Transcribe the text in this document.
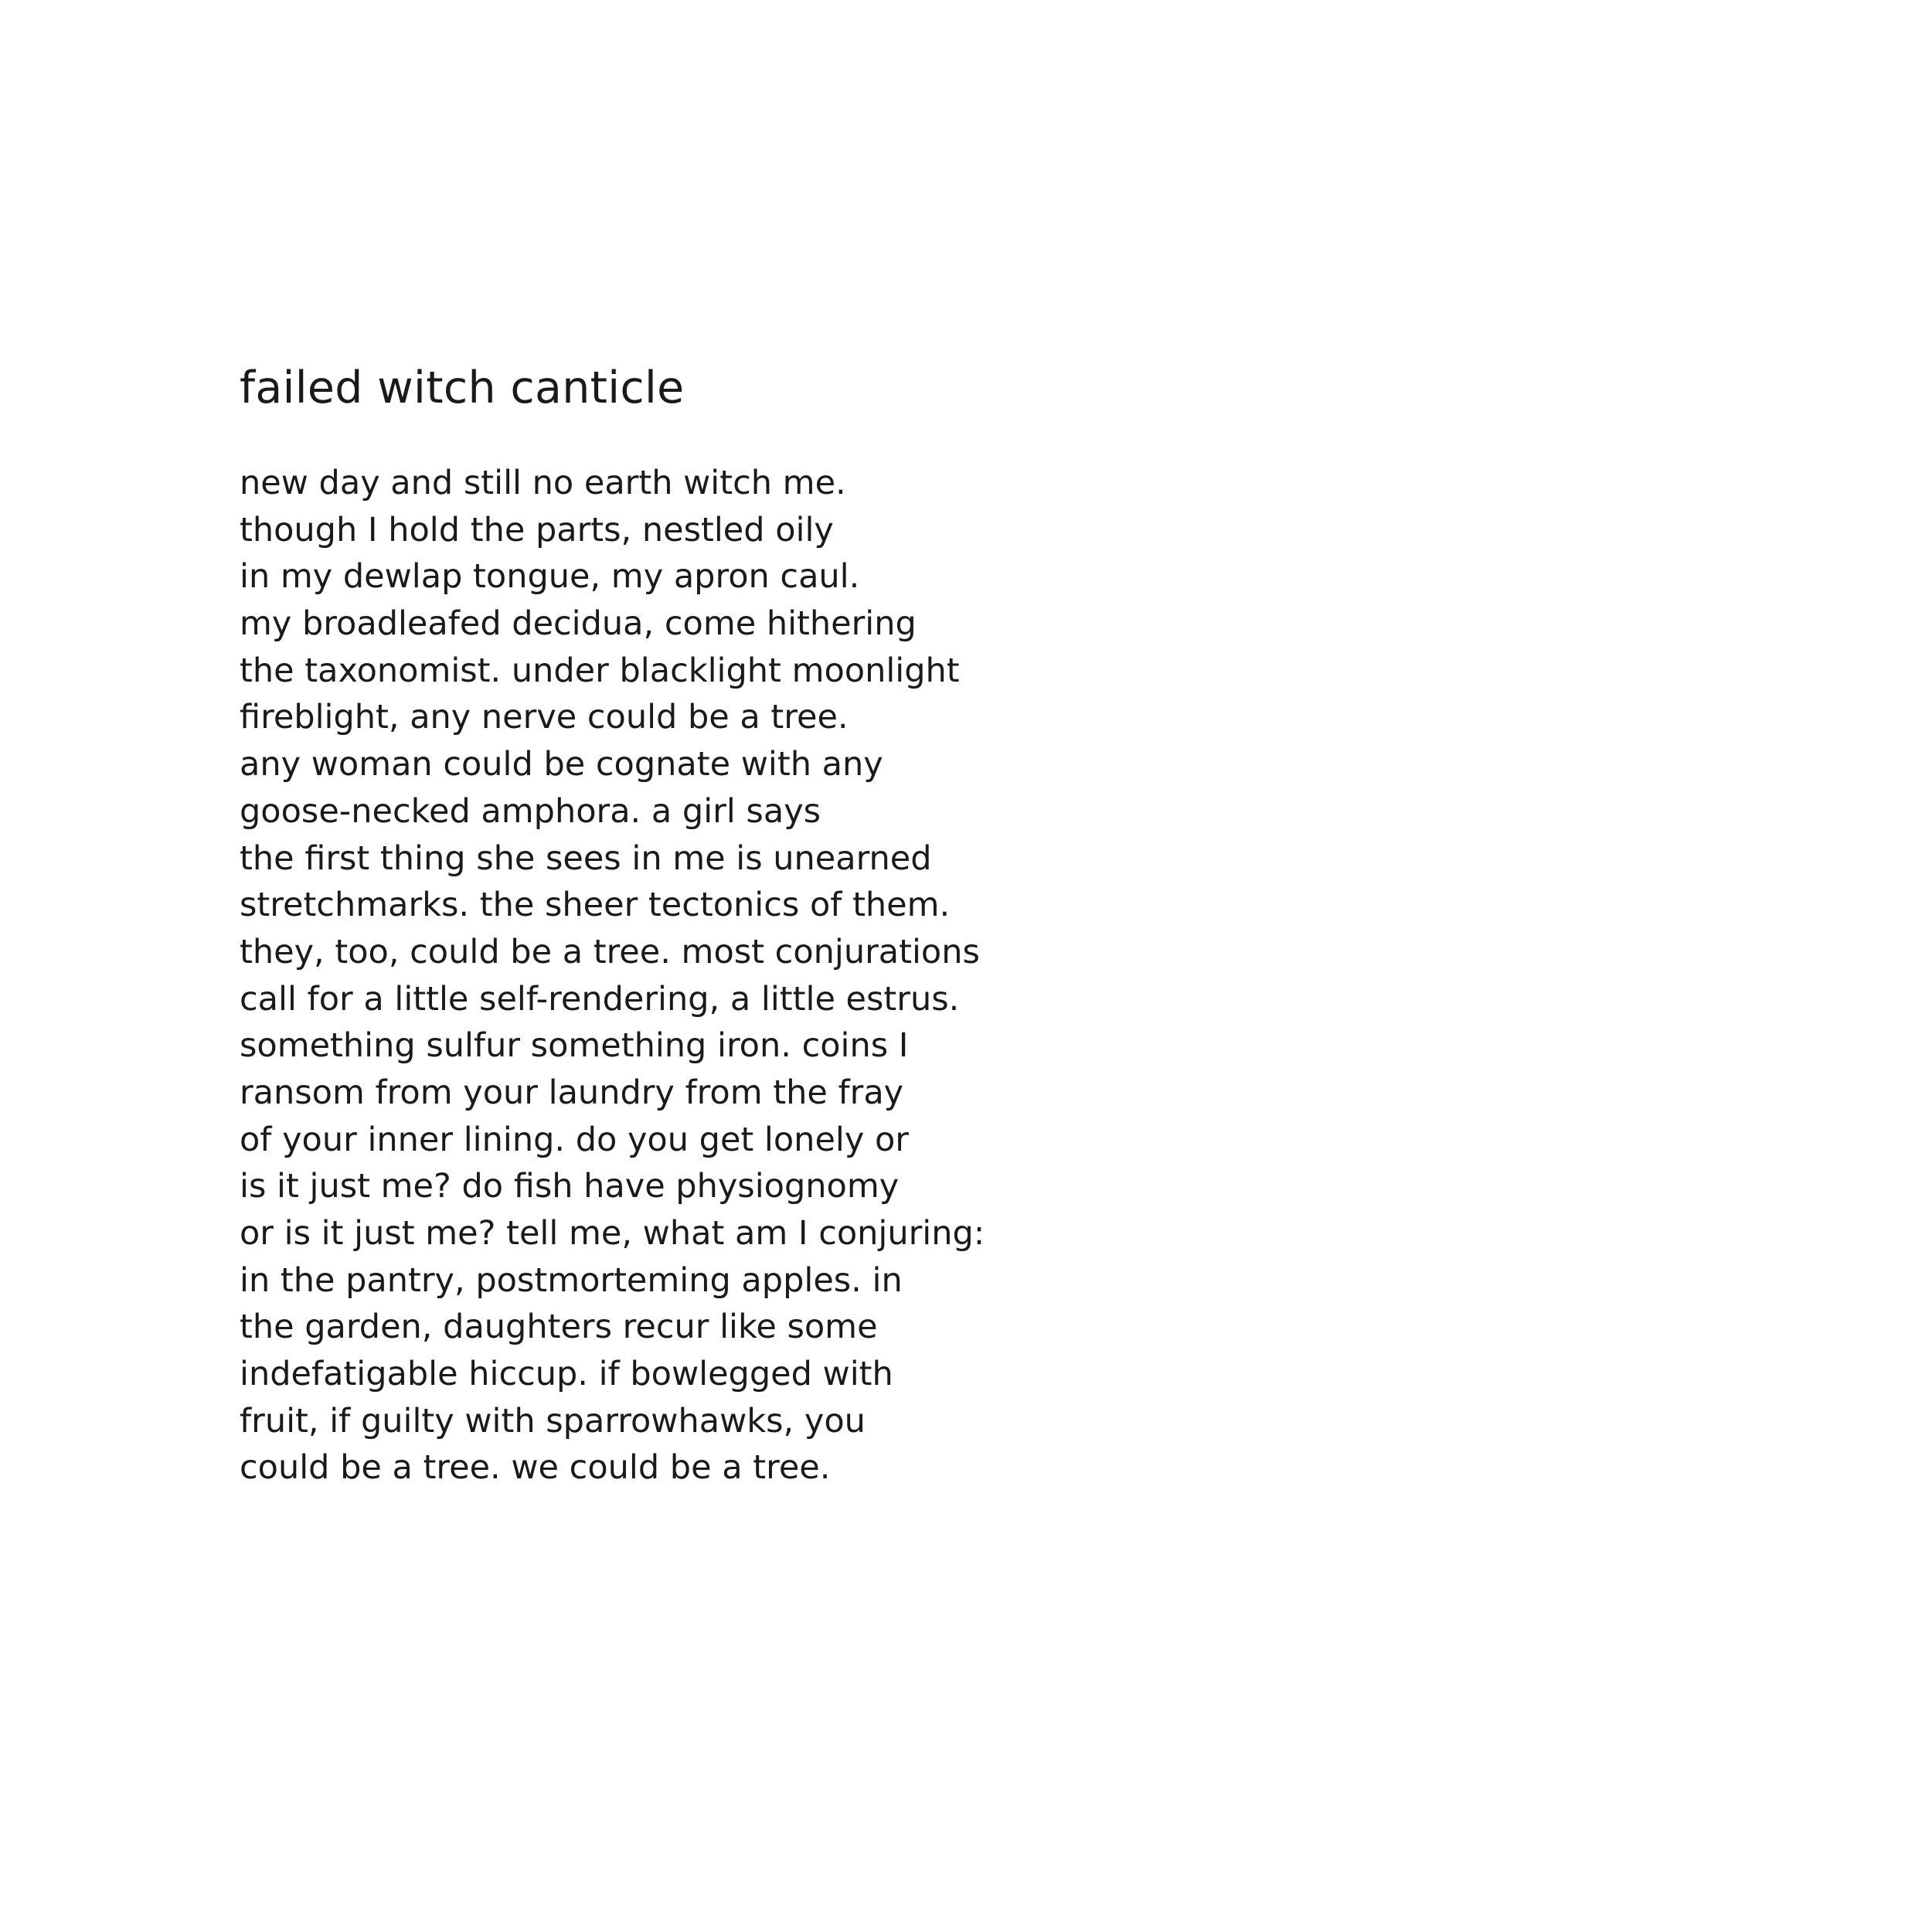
failed witch canticle
new day and still no earth witch me.
though I hold the parts, nestled oily
in my dewlap tongue, my apron caul.
my broadleafed decidua, come hithering
the taxonomist. under blacklight moonlight
fireblight, any nerve could be a tree.
any woman could be cognate with any
goose-necked amphora. a girl says
the first thing she sees in me is unearned
stretchmarks. the sheer tectonics of them.
they, too, could be a tree. most conjurations
call for a little self-rendering, a little estrus.
something sulfur something iron. coins I
ransom from your laundry from the fray
of your inner lining. do you get lonely or
is it just me? do fish have physiognomy
or is it just me? tell me, what am I conjuring:
in the pantry, postmorteming apples. in
the garden, daughters recur like some
indefatigable hiccup. if bowlegged with
fruit, if guilty with sparrowhawks, you
could be a tree. we could be a tree.
